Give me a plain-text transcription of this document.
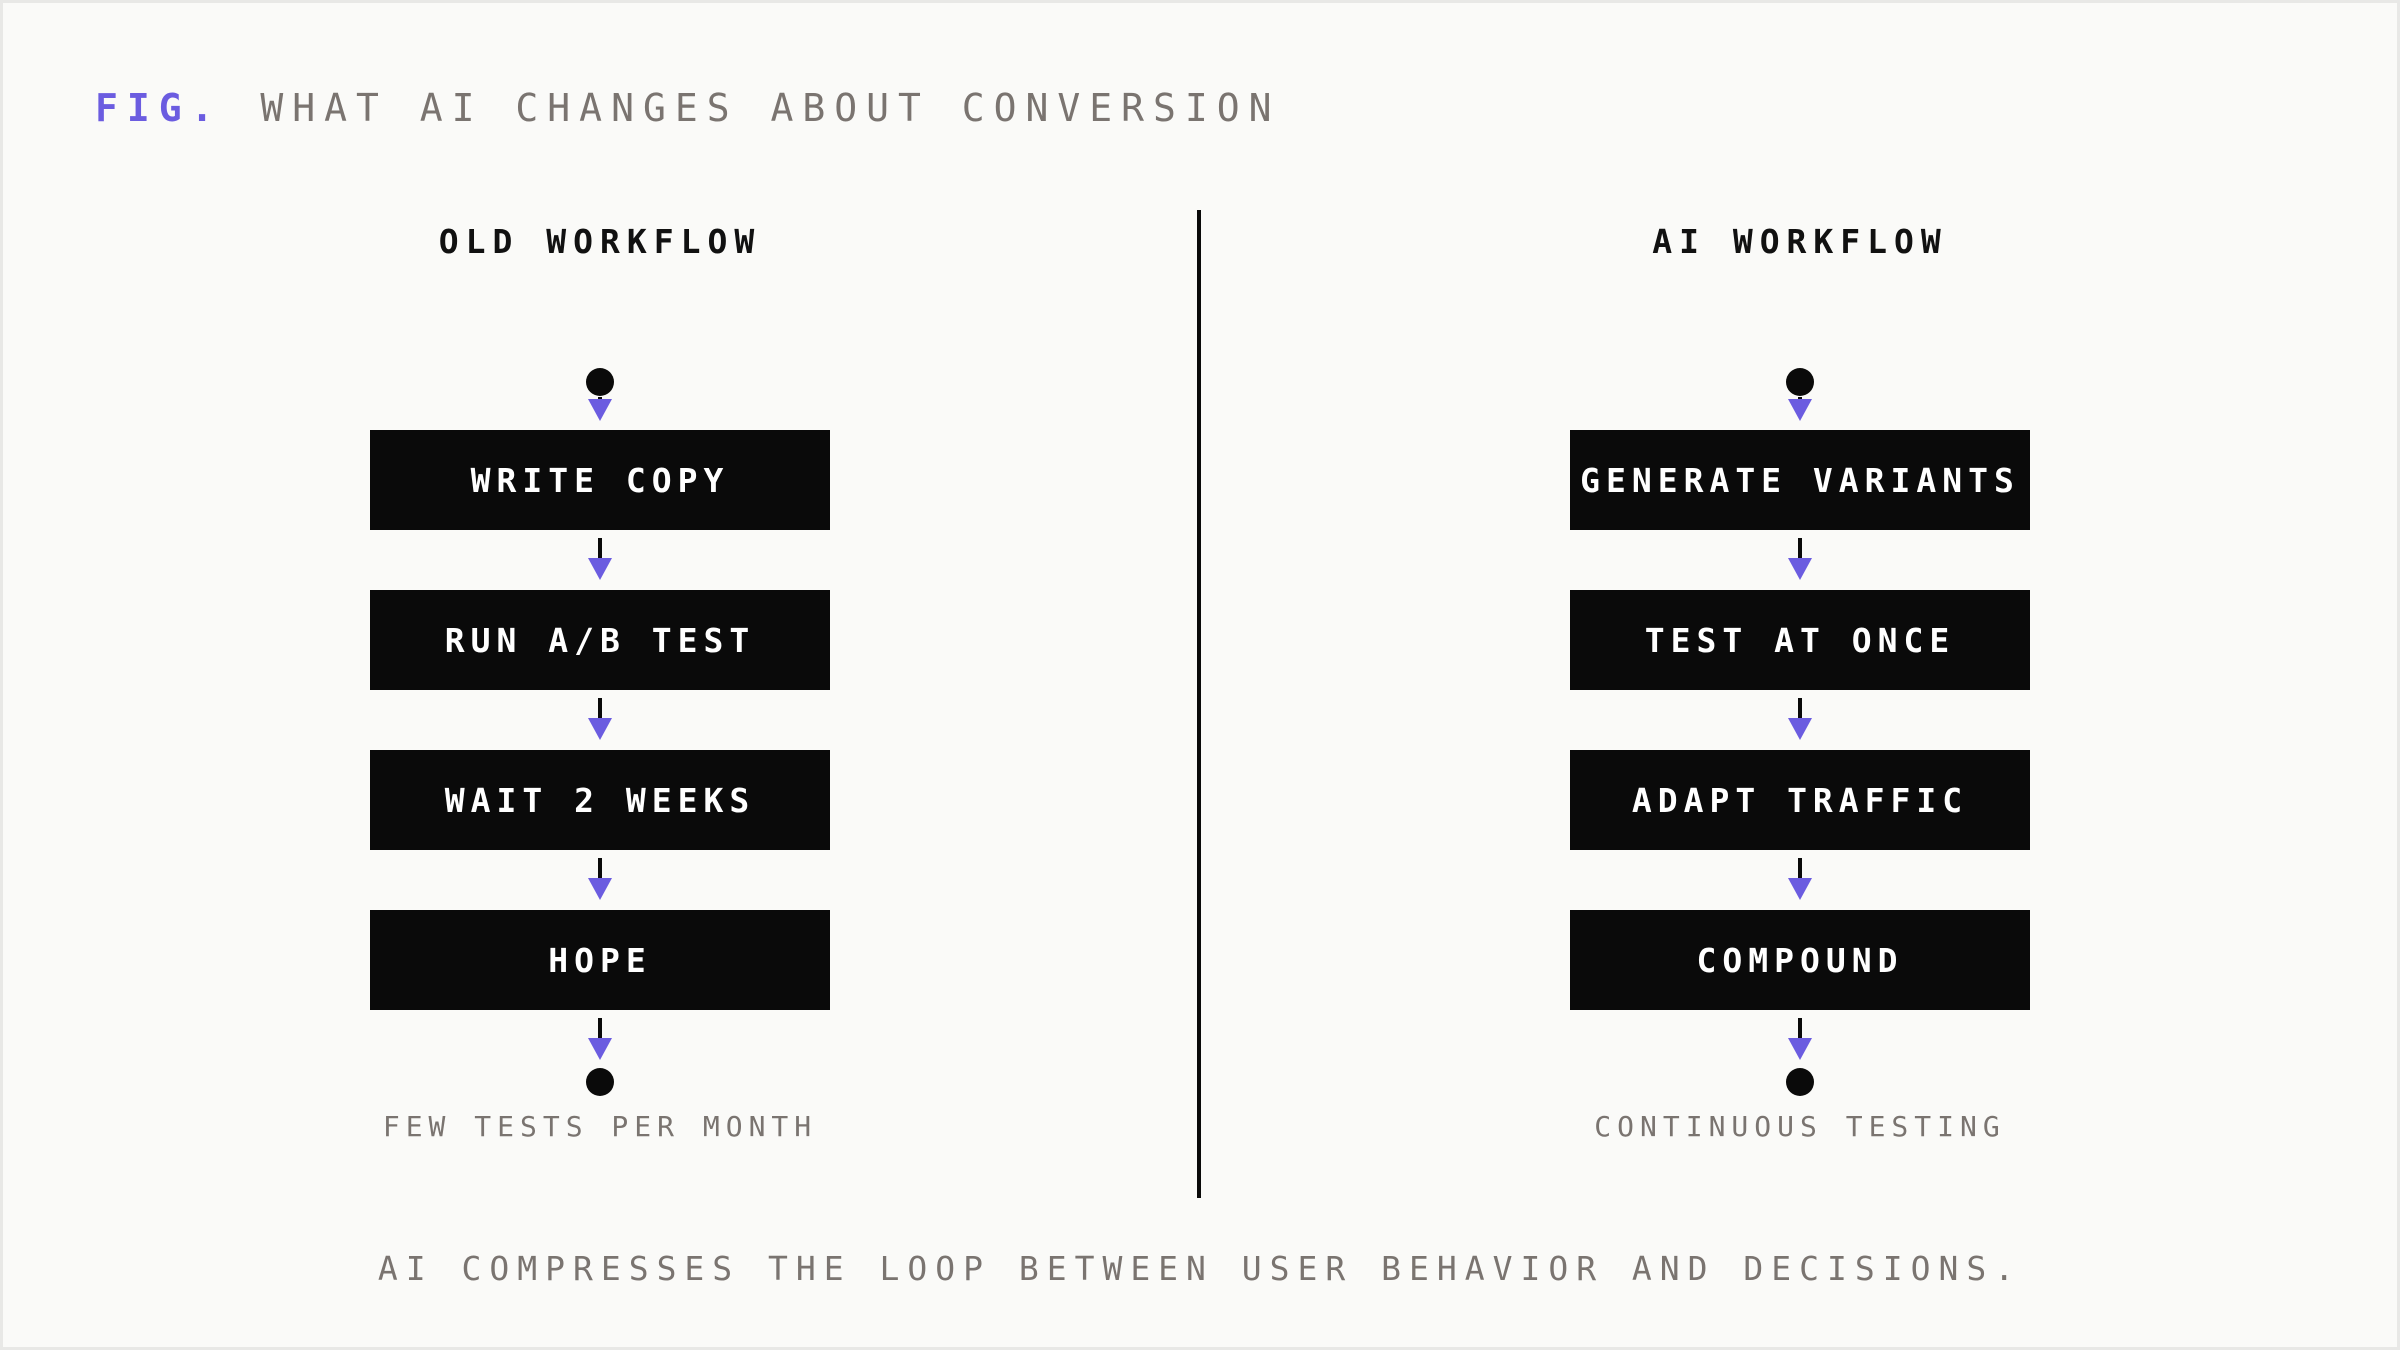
FIG. WHAT AI CHANGES ABOUT CONVERSION
OLD WORKFLOW
WRITE COPY
RUN A/B TEST
WAIT 2 WEEKS
HOPE
FEW TESTS PER MONTH
AI WORKFLOW
GENERATE VARIANTS
TEST AT ONCE
ADAPT TRAFFIC
COMPOUND
CONTINUOUS TESTING
AI COMPRESSES THE LOOP BETWEEN USER BEHAVIOR AND DECISIONS.
